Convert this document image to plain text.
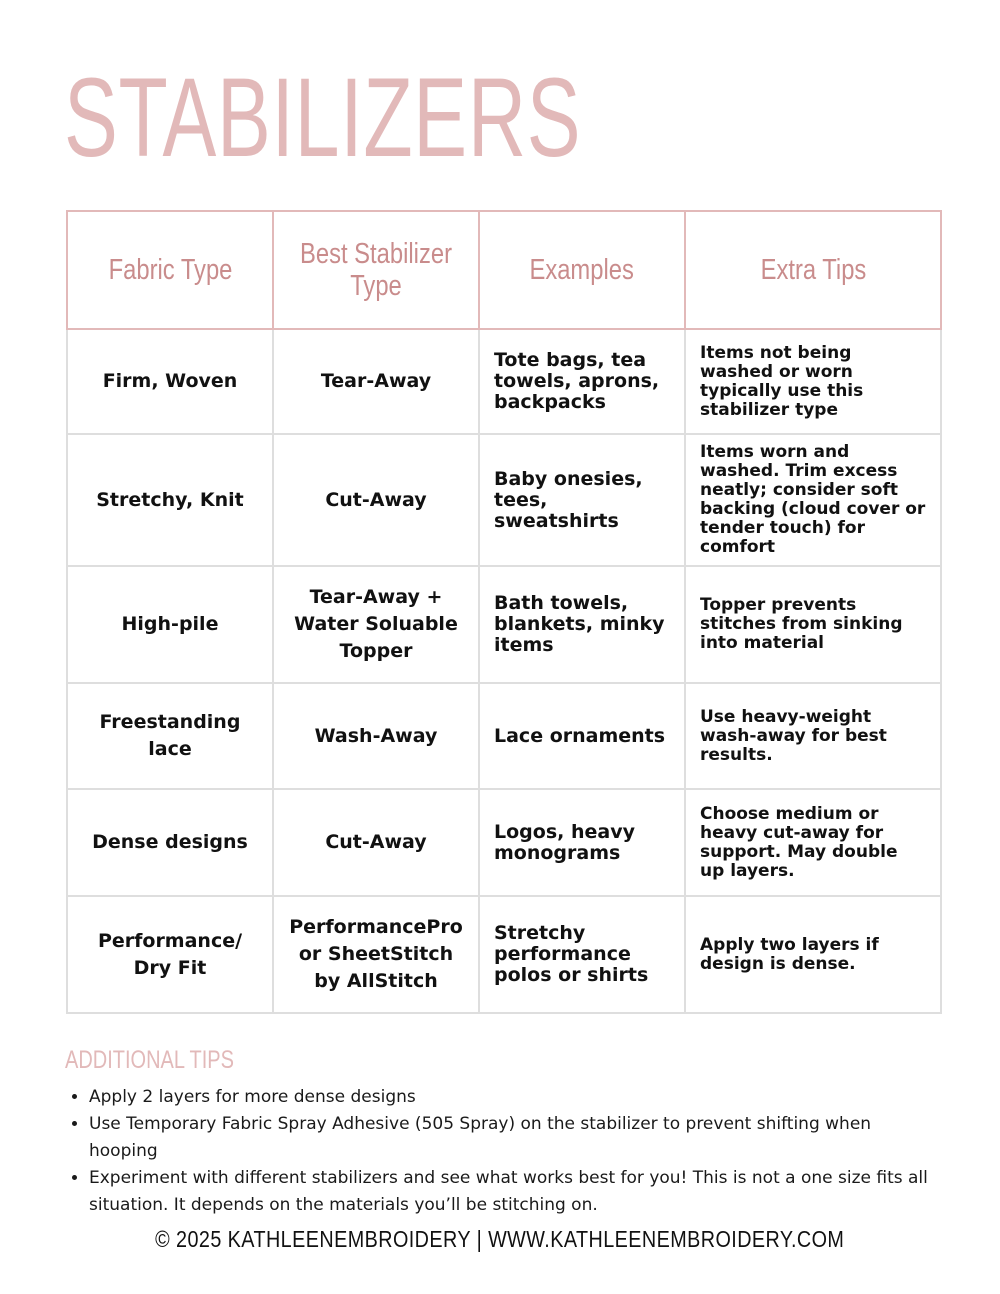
STABILIZERS
Fabric Type	Best Stabilizer Type	Examples	Extra Tips
Firm, Woven	Tear-Away	Tote bags, tea towels, aprons, backpacks	Items not being washed or worn typically use this stabilizer type
Stretchy, Knit	Cut-Away	Baby onesies, tees, sweatshirts	Items worn and washed. Trim excess neatly; consider soft backing (cloud cover or tender touch) for comfort
High-pile	Tear-Away + Water Soluable Topper	Bath towels, blankets, minky items	Topper prevents stitches from sinking into material
Freestanding lace	Wash-Away	Lace ornaments	Use heavy-weight wash-away for best results.
Dense designs	Cut-Away	Logos, heavy monograms	Choose medium or heavy cut-away for support. May double up layers.
Performance/ Dry Fit	PerformancePro or SheetStitch by AllStitch	Stretchy performance polos or shirts	Apply two layers if design is dense.
ADDITIONAL TIPS
• Apply 2 layers for more dense designs
• Use Temporary Fabric Spray Adhesive (505 Spray) on the stabilizer to prevent shifting when hooping
• Experiment with different stabilizers and see what works best for you! This is not a one size fits all situation. It depends on the materials you’ll be stitching on.
© 2025 KATHLEENEMBROIDERY | WWW.KATHLEENEMBROIDERY.COM
